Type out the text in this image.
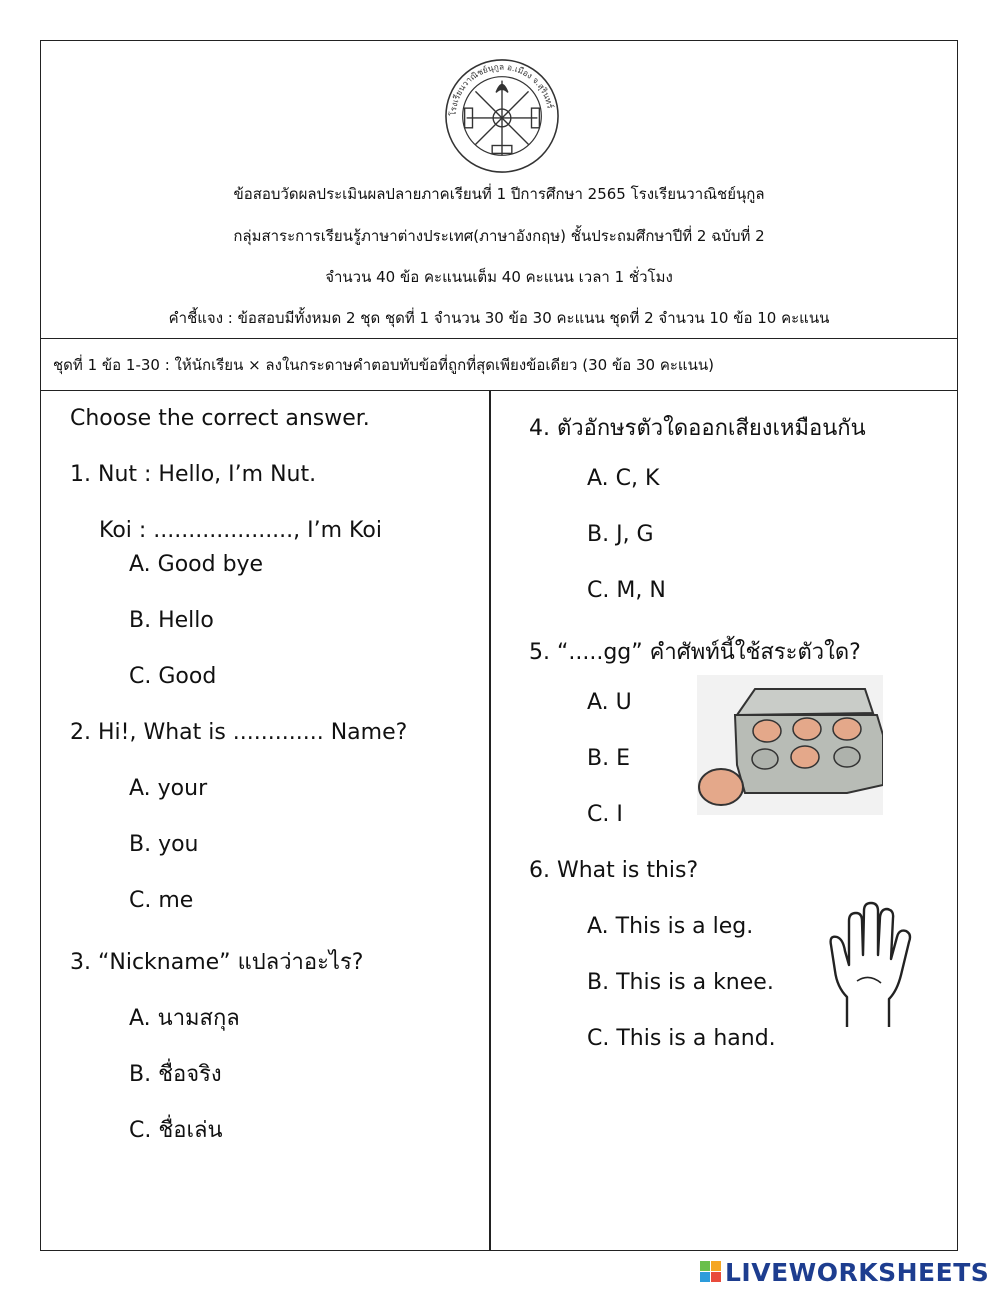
โรงเรียนวาณิชย์นุกูล อ.เมือง จ.สุรินทร์
ข้อสอบวัดผลประเมินผลปลายภาคเรียนที่ 1 ปีการศึกษา 2565 โรงเรียนวาณิชย์นุกูล
กลุ่มสาระการเรียนรู้ภาษาต่างประเทศ(ภาษาอังกฤษ) ชั้นประถมศึกษาปีที่ 2 ฉบับที่ 2
จำนวน 40 ข้อ คะแนนเต็ม 40 คะแนน เวลา 1 ชั่วโมง
คำชี้แจง : ข้อสอบมีทั้งหมด 2 ชุด ชุดที่ 1 จำนวน 30 ข้อ 30 คะแนน ชุดที่ 2 จำนวน 10 ข้อ 10 คะแนน
ชุดที่ 1 ข้อ 1-30 : ให้นักเรียน × ลงในกระดาษคำตอบทับข้อที่ถูกที่สุดเพียงข้อเดียว (30 ข้อ 30 คะแนน)
Choose the correct answer.
1. Nut : Hello, I’m Nut.
Koi : ...................., I’m Koi
A. Good bye
B. Hello
C. Good
2. Hi!, What is ............. Name?
A. your
B. you
C. me
3. “Nickname” แปลว่าอะไร?
A. นามสกุล
B. ชื่อจริง
C. ชื่อเล่น
4. ตัวอักษรตัวใดออกเสียงเหมือนกัน
A. C, K
B. J, G
C. M, N
5. “.....gg” คำศัพท์นี้ใช้สระตัวใด?
A. U
B. E
C. I
6. What is this?
A. This is a leg.
B. This is a knee.
C. This is a hand.
LIVEWORKSHEETS
